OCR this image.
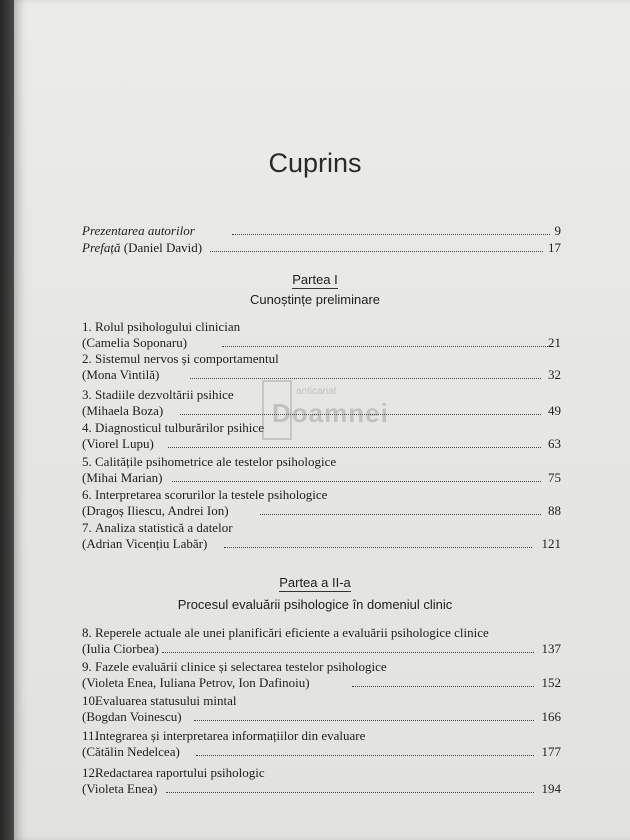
Cuprins
Prezentarea autorilor	9
Prefață (Daniel David)	17
Partea I
Cunoștințe preliminare
1. Rolul psihologului clinician
(Camelia Soponaru)	21
2. Sistemul nervos și comportamentul
(Mona Vintilă)	32
3. Stadiile dezvoltării psihice
(Mihaela Boza)	49
4. Diagnosticul tulburărilor psihice
(Viorel Lupu)	63
5. Calitățile psihometrice ale testelor psihologice
(Mihai Marian)	75
6. Interpretarea scorurilor la testele psihologice
(Dragoș Iliescu, Andrei Ion)	88
7. Analiza statistică a datelor
(Adrian Vicențiu Labăr)	121
Partea a II-a
Procesul evaluării psihologice în domeniul clinic
8. Reperele actuale ale unei planificări eficiente a evaluării psihologice clinice
(Iulia Ciorbea)	137
9. Fazele evaluării clinice și selectarea testelor psihologice
(Violeta Enea, Iuliana Petrov, Ion Dafinoiu)	152
10.
Evaluarea statusului mintal
(Bogdan Voinescu)	166
11.
Integrarea și interpretarea informațiilor din evaluare
(Cătălin Nedelcea)	177
12.
Redactarea raportului psihologic
(Violeta Enea)	194
anticariat
Doamnei
